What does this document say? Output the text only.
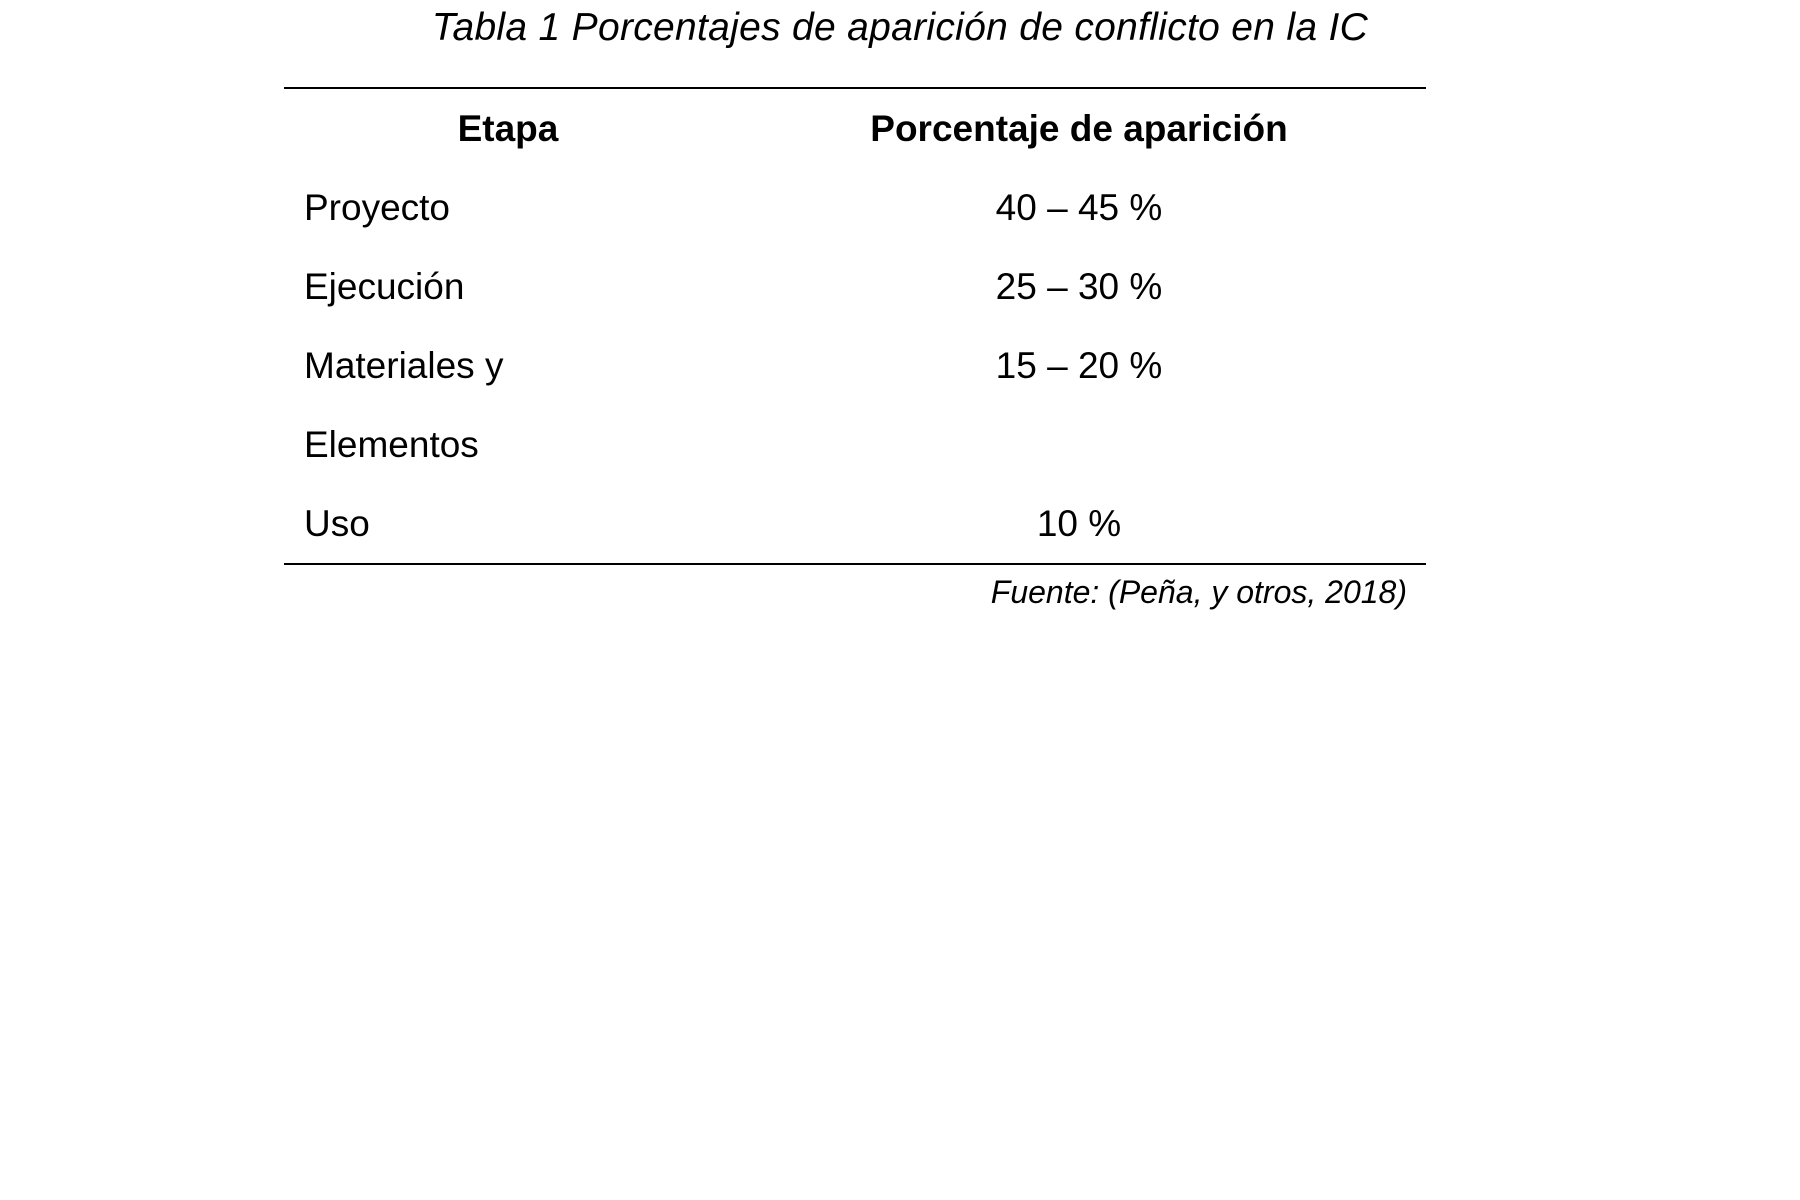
Tabla 1 Porcentajes de aparición de conflicto en la IC

Etapa	Porcentaje de aparición
Proyecto	40 – 45 %
Ejecución	25 – 30 %
Materiales y	15 – 20 %
Elementos	
Uso	10 %

Fuente: (Peña, y otros, 2018)
